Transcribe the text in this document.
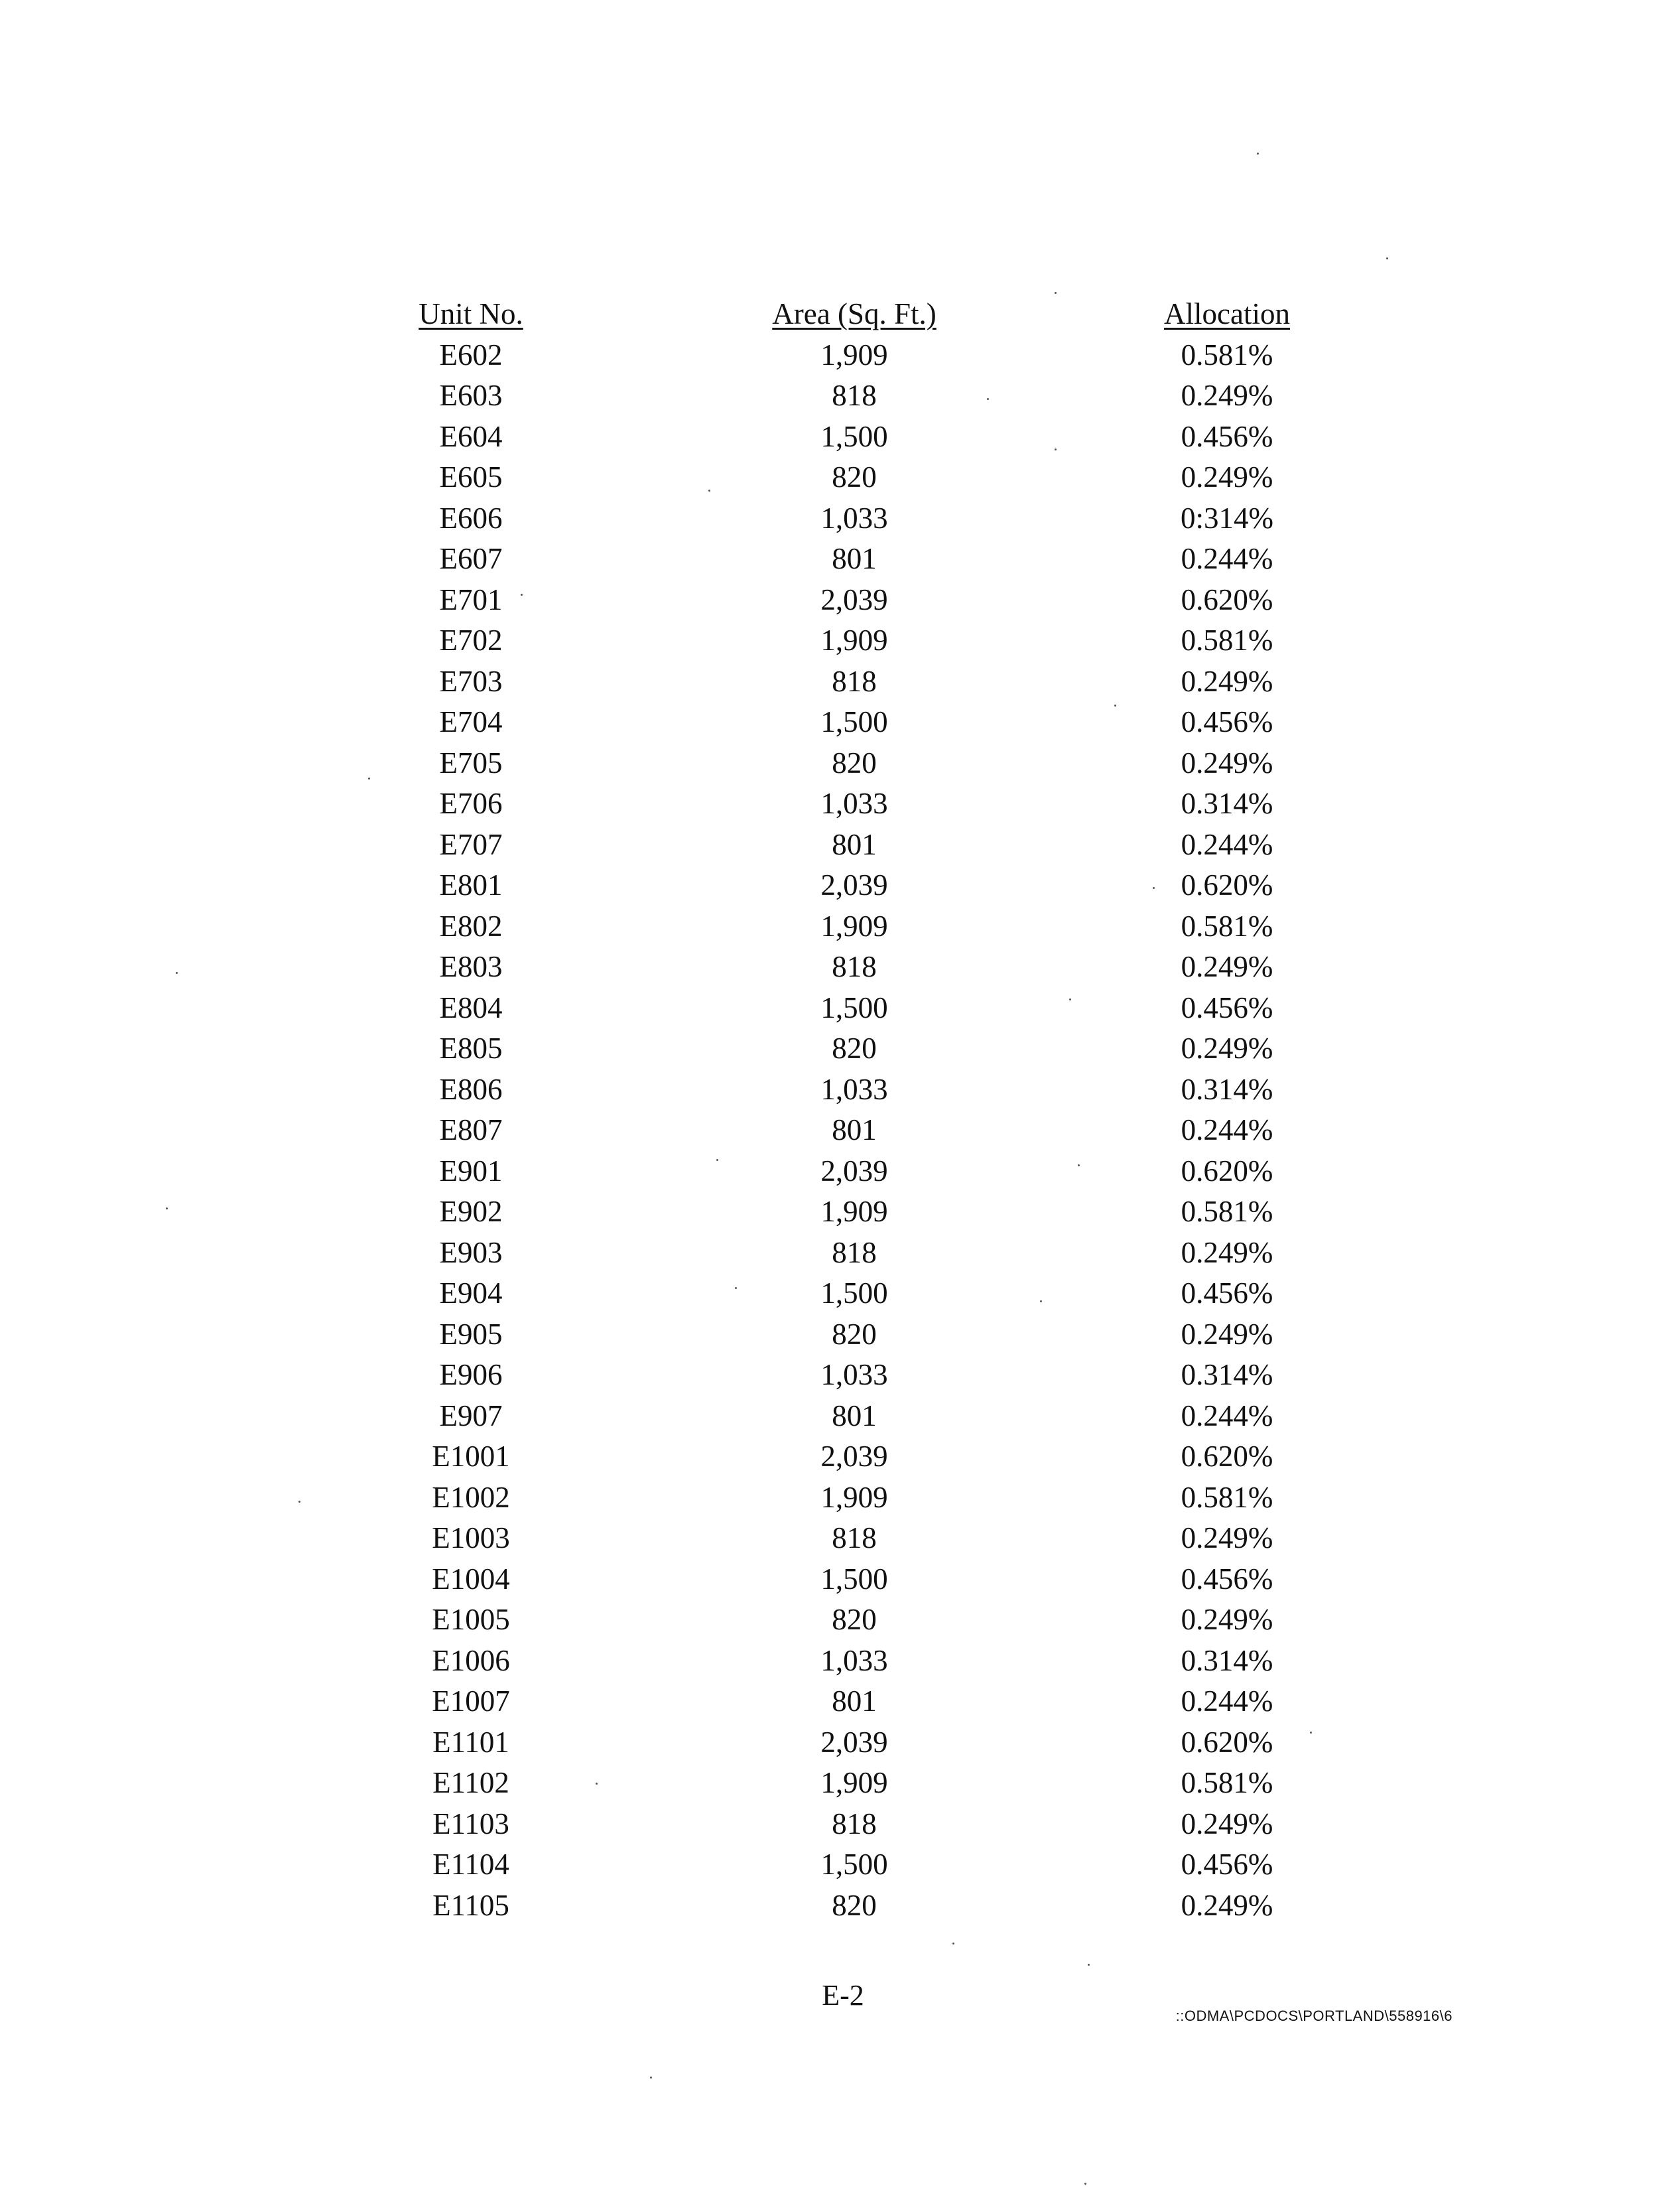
Unit No.
E602
E603
E604
E605
E606
E607
E701
E702
E703
E704
E705
E706
E707
E801
E802
E803
E804
E805
E806
E807
E901
E902
E903
E904
E905
E906
E907
E1001
E1002
E1003
E1004
E1005
E1006
E1007
E1101
E1102
E1103
E1104
E1105
Area (Sq. Ft.)
1,909
818
1,500
820
1,033
801
2,039
1,909
818
1,500
820
1,033
801
2,039
1,909
818
1,500
820
1,033
801
2,039
1,909
818
1,500
820
1,033
801
2,039
1,909
818
1,500
820
1,033
801
2,039
1,909
818
1,500
820
Allocation
0.581%
0.249%
0.456%
0.249%
0:314%
0.244%
0.620%
0.581%
0.249%
0.456%
0.249%
0.314%
0.244%
0.620%
0.581%
0.249%
0.456%
0.249%
0.314%
0.244%
0.620%
0.581%
0.249%
0.456%
0.249%
0.314%
0.244%
0.620%
0.581%
0.249%
0.456%
0.249%
0.314%
0.244%
0.620%
0.581%
0.249%
0.456%
0.249%
E-2
::ODMA\PCDOCS\PORTLAND\558916\6
